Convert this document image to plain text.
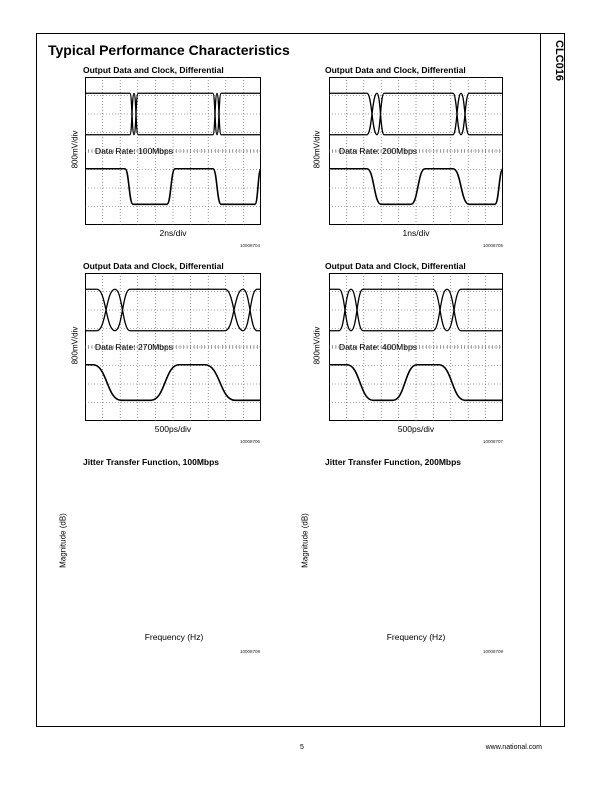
CLC016
Typical Performance Characteristics
Output Data and Clock, Differential
800mV/div Data Rate: 100Mbps
2ns/div
10008704
Output Data and Clock, Differential
800mV/div Data Rate: 200Mbps
1ns/div
10008705
Output Data and Clock, Differential
800mV/div Data Rate: 270Mbps
500ps/div
10008706
Output Data and Clock, Differential
800mV/div Data Rate: 400Mbps
500ps/div
10008707
Jitter Transfer Function, 100Mbps
Magnitude (dB)
Frequency (Hz)
10008708
Jitter Transfer Function, 200Mbps
Magnitude (dB)
Frequency (Hz)
10008709
5	www.national.com
